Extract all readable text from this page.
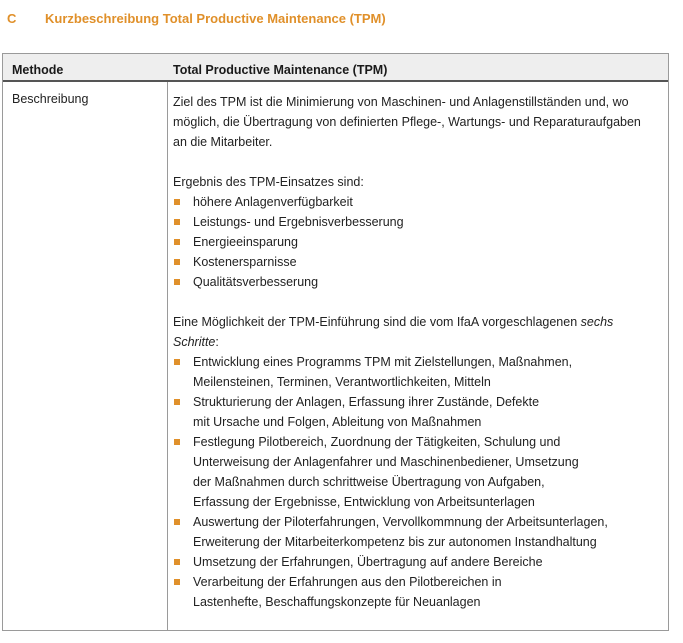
C Kurzbeschreibung Total Productive Maintenance (TPM)
Methode	Total Productive Maintenance (TPM)
Beschreibung	Ziel des TPM ist die Minimierung von Maschinen- und Anlagenstillständen und, wo

möglich, die Übertragung von definierten Pflege-, Wartungs- und Reparaturaufgaben

an die Mitarbeiter.

Ergebnis des TPM-Einsatzes sind:

höhere Anlagenverfügbarkeit
Leistungs- und Ergebnisverbesserung
Energieeinsparung
Kostenersparnisse
Qualitätsverbesserung

Eine Möglichkeit der TPM-Einführung sind die vom IfaA vorgeschlagenen sechs
Schritte:

Entwicklung eines Programms TPM mit Zielstellungen, Maßnahmen,
Meilensteinen, Terminen, Verantwortlichkeiten, Mitteln
Strukturierung der Anlagen, Erfassung ihrer Zustände, Defekte
mit Ursache und Folgen, Ableitung von Maßnahmen
Festlegung Pilotbereich, Zuordnung der Tätigkeiten, Schulung und
Unterweisung der Anlagenfahrer und Maschinenbediener, Umsetzung
der Maßnahmen durch schrittweise Übertragung von Aufgaben,
Erfassung der Ergebnisse, Entwicklung von Arbeitsunterlagen
Auswertung der Piloterfahrungen, Vervollkommnung der Arbeitsunterlagen,
Erweiterung der Mitarbeiterkompetenz bis zur autonomen Instandhaltung
Umsetzung der Erfahrungen, Übertragung auf andere Bereiche
Verarbeitung der Erfahrungen aus den Pilotbereichen in
Lastenhefte, Beschaffungskonzepte für Neuanlagen
